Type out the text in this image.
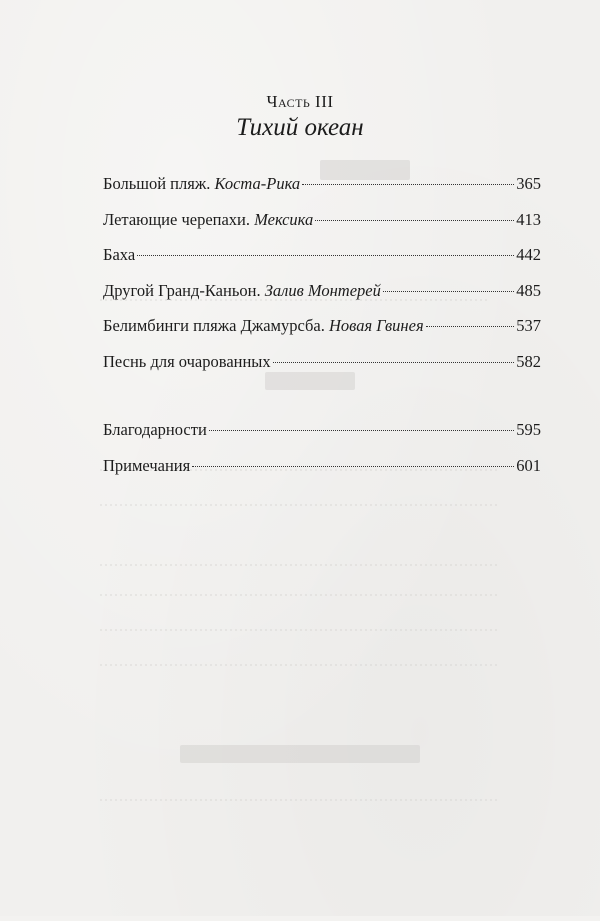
Часть III
Тихий океан
Большой пляж. Коста-Рика	365
Летающие черепахи. Мексика	413
Баха	442
Другой Гранд-Каньон. Залив Монтерей	485
Белимбинги пляжа Джамурсба. Новая Гвинея	537
Песнь для очарованных	582
Благодарности	595
Примечания	601
